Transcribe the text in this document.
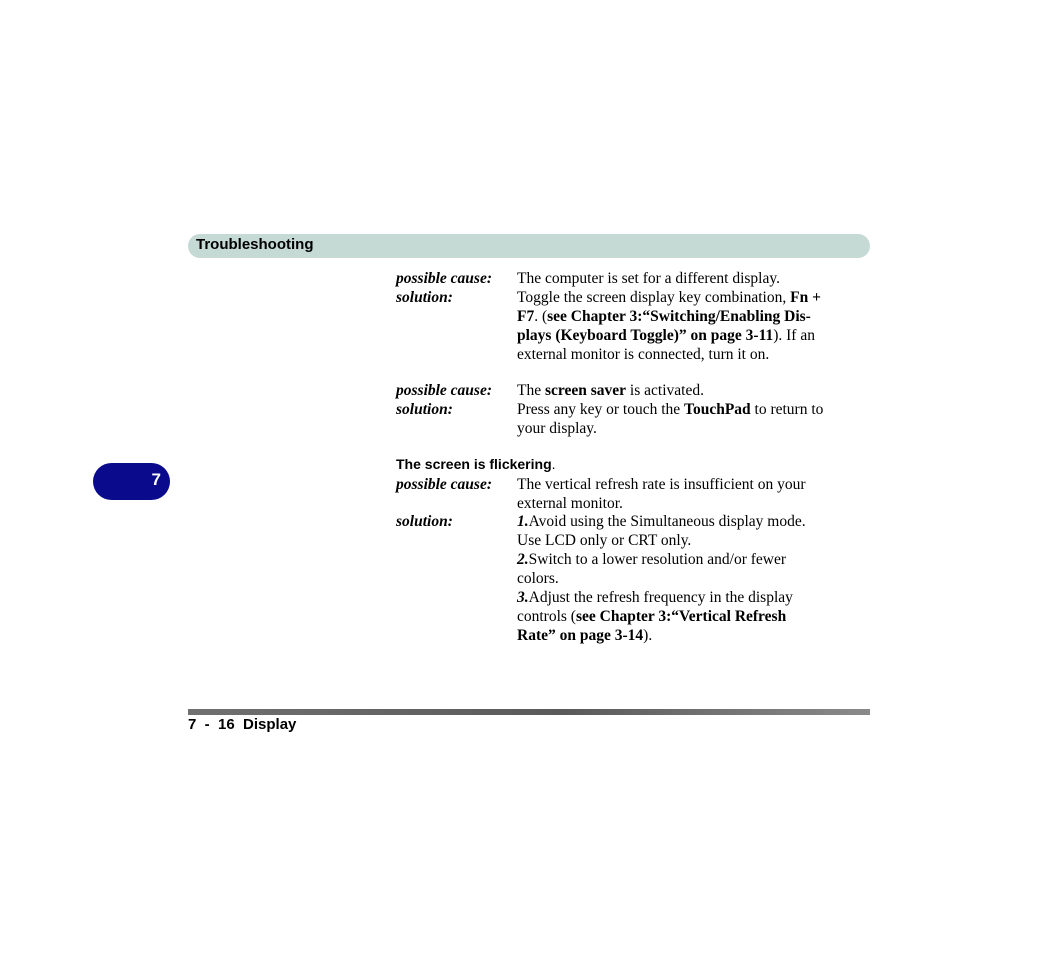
Troubleshooting
7
possible cause:	The computer is set for a different display.
solution:	Toggle the screen display key combination, Fn +
F7. (see Chapter 3:“Switching/Enabling Dis-
plays (Keyboard Toggle)” on page 3-11). If an
external monitor is connected, turn it on.
possible cause:	The screen saver is activated.
solution:	Press any key or touch the TouchPad to return to
your display.
The screen is flickering.
possible cause:	The vertical refresh rate is insufficient on your
external monitor.
solution:	1.Avoid using the Simultaneous display mode.
Use LCD only or CRT only.
2.Switch to a lower resolution and/or fewer
colors.
3.Adjust the refresh frequency in the display
controls (see Chapter 3:“Vertical Refresh
Rate” on page 3-14).
7  -  16  Display
